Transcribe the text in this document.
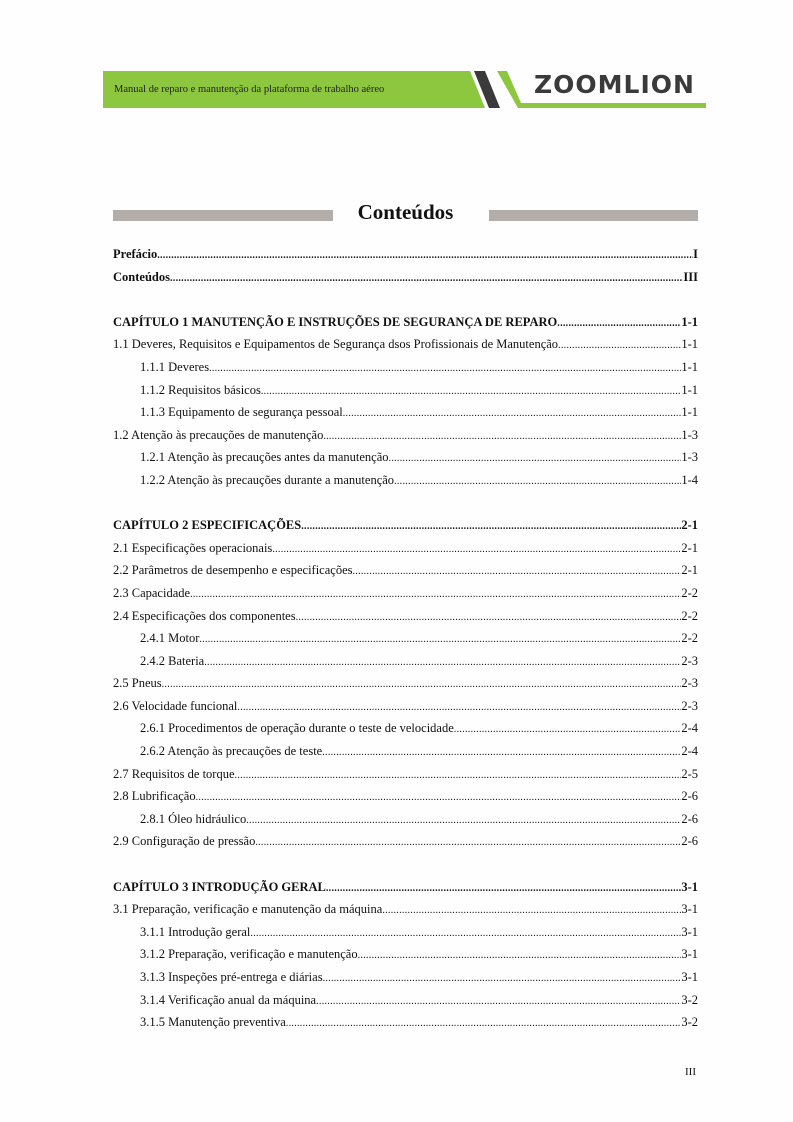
Manual de reparo e manutenção da plataforma de trabalho aéreo	ZOOMLION
Conteúdos
Prefácio .....	I
Conteúdos .....	III
CAPÍTULO 1 MANUTENÇÃO E INSTRUÇÕES DE SEGURANÇA DE REPARO .....	1-1
1.1 Deveres, Requisitos e Equipamentos de Segurança dsos Profissionais de Manutenção .....	1-1
1.1.1 Deveres .....	1-1
1.1.2 Requisitos básicos .....	1-1
1.1.3 Equipamento de segurança pessoal .....	1-1
1.2 Atenção às precauções de manutenção .....	1-3
1.2.1 Atenção às precauções antes da manutenção .....	1-3
1.2.2 Atenção às precauções durante a manutenção .....	1-4
CAPÍTULO 2 ESPECIFICAÇÕES .....	2-1
2.1 Especificações operacionais .....	2-1
2.2 Parâmetros de desempenho e especificações .....	2-1
2.3 Capacidade .....	2-2
2.4 Especificações dos componentes .....	2-2
2.4.1 Motor .....	2-2
2.4.2 Bateria .....	2-3
2.5 Pneus .....	2-3
2.6 Velocidade funcional .....	2-3
2.6.1 Procedimentos de operação durante o teste de velocidade .....	2-4
2.6.2 Atenção às precauções de teste .....	2-4
2.7 Requisitos de torque .....	2-5
2.8 Lubrificação .....	2-6
2.8.1 Óleo hidráulico .....	2-6
2.9 Configuração de pressão .....	2-6
CAPÍTULO 3 INTRODUÇÃO GERAL .....	3-1
3.1 Preparação, verificação e manutenção da máquina .....	3-1
3.1.1 Introdução geral .....	3-1
3.1.2 Preparação, verificação e manutenção .....	3-1
3.1.3 Inspeções pré-entrega e diárias .....	3-1
3.1.4 Verificação anual da máquina .....	3-2
3.1.5 Manutenção preventiva .....	3-2
III
